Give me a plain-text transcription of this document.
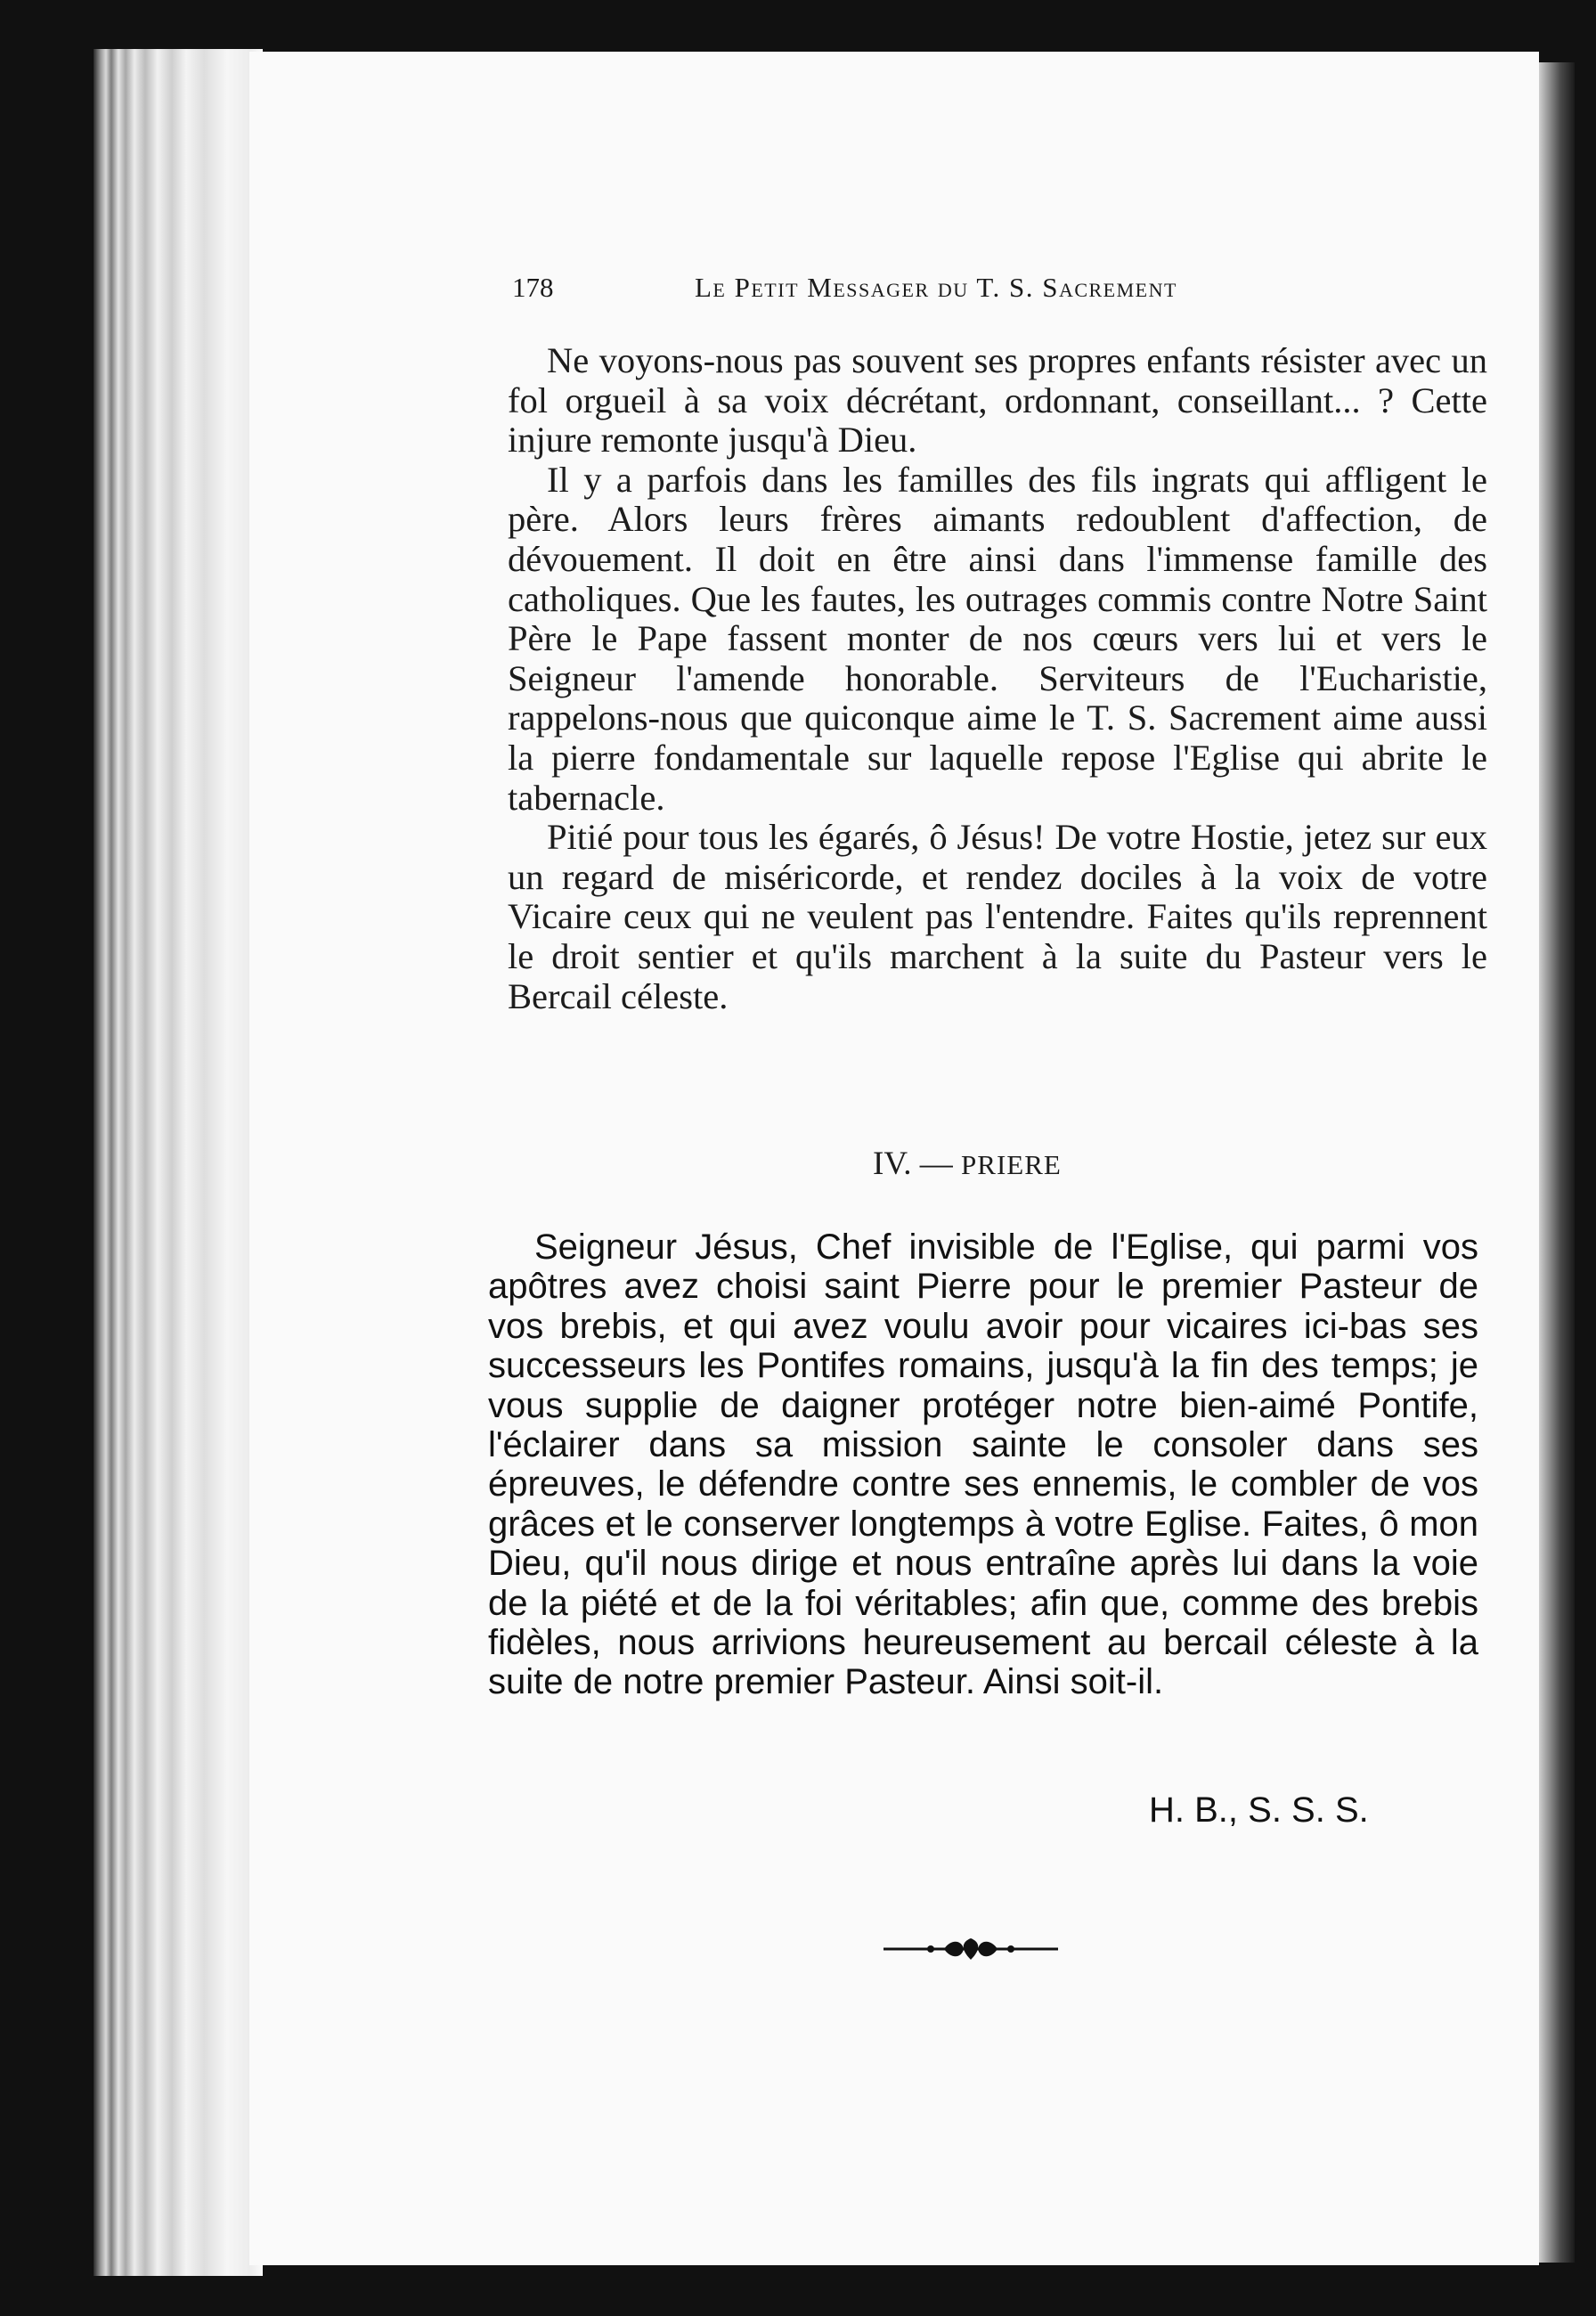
178	Le Petit Messager du T. S. Sacrement

Ne voyons-nous pas souvent ses propres enfants résister avec un fol orgueil à sa voix décrétant, ordonnant, conseillant... ? Cette injure remonte jusqu'à Dieu.

Il y a parfois dans les familles des fils ingrats qui affligent le père. Alors leurs frères aimants redoublent d'affection, de dévouement. Il doit en être ainsi dans l'immense famille des catholiques. Que les fautes, les outrages commis contre Notre Saint Père le Pape fassent monter de nos cœurs vers lui et vers le Seigneur l'amende honorable. Serviteurs de l'Eucharistie, rappelons-nous que quiconque aime le T. S. Sacrement aime aussi la pierre fondamentale sur laquelle repose l'Eglise qui abrite le tabernacle.

Pitié pour tous les égarés, ô Jésus! De votre Hostie, jetez sur eux un regard de miséricorde, et rendez dociles à la voix de votre Vicaire ceux qui ne veulent pas l'entendre. Faites qu'ils reprennent le droit sentier et qu'ils marchent à la suite du Pasteur vers le Bercail céleste.

IV. — PRIERE

Seigneur Jésus, Chef invisible de l'Eglise, qui parmi vos apôtres avez choisi saint Pierre pour le premier Pasteur de vos brebis, et qui avez voulu avoir pour vicaires ici-bas ses successeurs les Pontifes romains, jusqu'à la fin des temps; je vous supplie de daigner protéger notre bien-aimé Pontife, l'éclairer dans sa mission sainte le consoler dans ses épreuves, le défendre contre ses ennemis, le combler de vos grâces et le conserver longtemps à votre Eglise. Faites, ô mon Dieu, qu'il nous dirige et nous entraîne après lui dans la voie de la piété et de la foi véritables; afin que, comme des brebis fidèles, nous arrivions heureusement au bercail céleste à la suite de notre premier Pasteur. Ainsi soit-il.

H. B., S. S. S.
